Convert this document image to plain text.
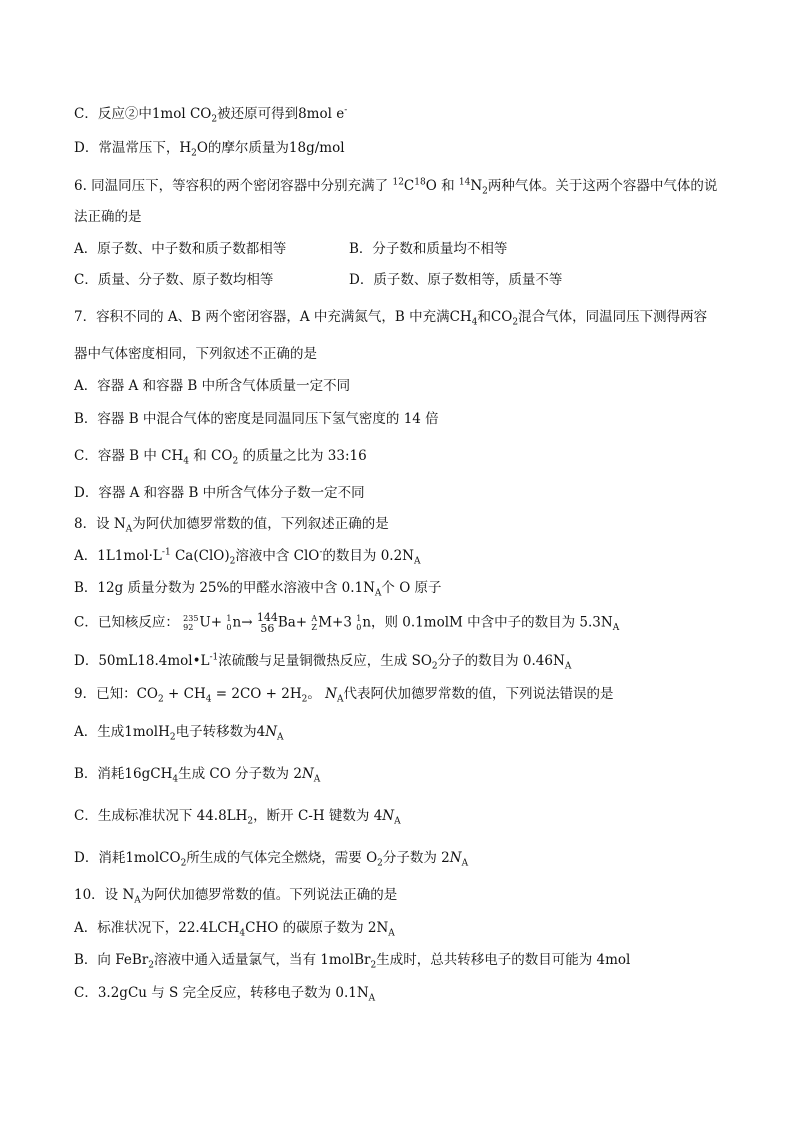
C．反应②中1mol $CO_2$被还原可得到8mol e-
D．常温常压下，$H_2O$的摩尔质量为18g/mol
6. 同温同压下，等容积的两个密闭容器中分别充满了 $^{12}C^{18}O$ 和 $^{14}N_2$两种气体。关于这两个容器中气体的说
法正确的是
A．原子数、中子数和质子数都相等	B．分子数和质量均不相等
C．质量、分子数、原子数均相等	D．质子数、原子数相等，质量不等
7．容积不同的 A、B 两个密闭容器，A 中充满氮气，B 中充满$CH_4$和$CO_2$混合气体，同温同压下测得两容
器中气体密度相同，下列叙述不正确的是
A．容器 A 和容器 B 中所含气体质量一定不同
B．容器 B 中混合气体的密度是同温同压下氢气密度的 14 倍
C．容器 B 中 $CH_4$ 和 $CO_2$ 的质量之比为 33:16
D．容器 A 和容器 B 中所含气体分子数一定不同
8．设 $N_A$为阿伏加德罗常数的值，下列叙述正确的是
A．$1L1mol\cdot L^{-1}$ $Ca(ClO)_2$溶液中含 ClO-的数目为 $0.2N_A$
B．12g 质量分数为 25%的甲醛水溶液中含 $0.1N_A$个 O 原子
C．已知核反应： 235
92 U+ 1
0 n→ 144
56 Ba+ A
Z M+3 1
0 n，则 0.1molM 中含中子的数目为 $5.3N_A$
D．$50mL18.4mol•L^{-1}$浓硫酸与足量铜微热反应，生成 $SO_2$分子的数目为 $0.46N_A$
9．已知：$CO_2 + CH_4 = 2CO + 2H_2$。 $N_A$代表阿伏加德罗常数的值，下列说法错误的是
A．生成1molH$_2$电子转移数为$4N_A$
B．消耗16gCH$_4$生成 CO 分子数为 $2N_A$
C．生成标准状况下 $44.8LH_2$，断开 C-H 键数为 $4N_A$
D．消耗1molCO$_2$所生成的气体完全燃烧，需要 $O_2$分子数为 $2N_A$
10．设 $N_A$为阿伏加德罗常数的值。下列说法正确的是
A．标准状况下，$22.4LCH_4CHO$ 的碳原子数为 $2N_A$
B．向 FeBr$_2$溶液中通入适量氯气，当有 1molBr$_2$生成时，总共转移电子的数目可能为 4mol
C．3.2gCu 与 S 完全反应，转移电子数为 $0.1N_A$
